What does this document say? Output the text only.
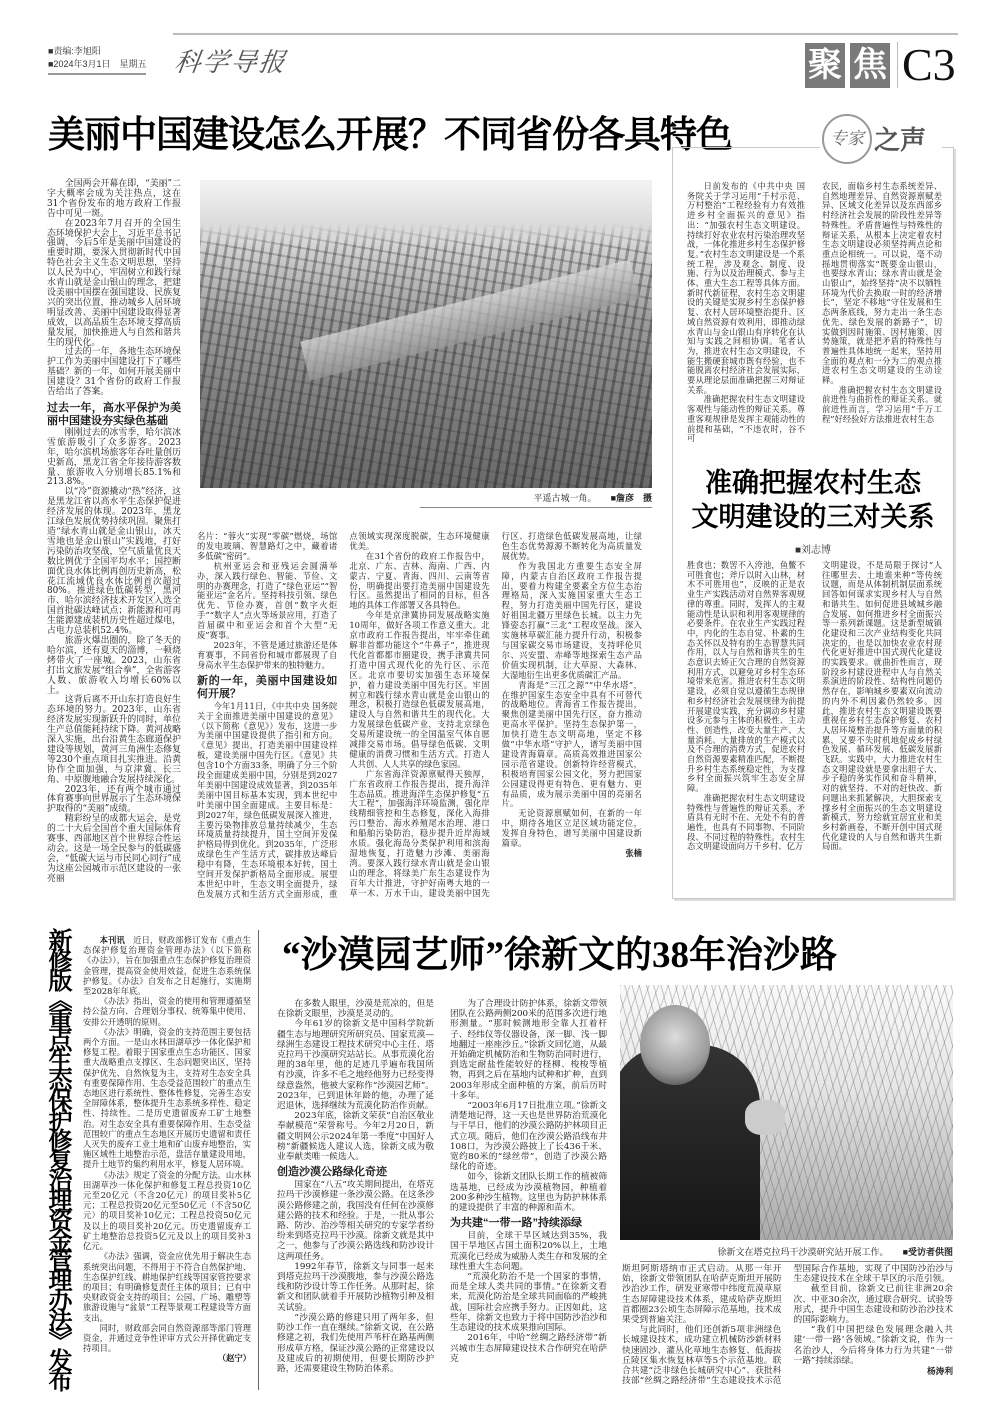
■责编:李旭阳
■2024年3月1日　星期五 科学导报	聚 焦 C3
美丽中国建设怎么开展？不同省份各具特色

全国两会开幕在即，“美丽”二字大概率会成为关注热点，这在31个省份发布的地方政府工作报告中可见一斑。

在2023年7月召开的全国生态环境保护大会上，习近平总书记强调，今后5年是美丽中国建设的重要时期，要深入贯彻新时代中国特色社会主义生态文明思想，坚持以人民为中心，牢固树立和践行绿水青山就是金山银山的理念，把建设美丽中国摆在强国建设、民族复兴的突出位置，推动城乡人居环境明显改善、美丽中国建设取得显著成效，以高品质生态环境支撑高质量发展，加快推进人与自然和谐共生的现代化。

过去的一年，各地生态环境保护工作为美丽中国建设打下了哪些基础？新的一年，如何开展美丽中国建设？31个省份的政府工作报告给出了答案。

过去一年，高水平保护为美丽中国建设夯实绿色基础

刚刚过去的冰雪季，哈尔滨冰雪旅游吸引了众多游客。2023年，哈尔滨机场旅客年吞吐量创历史新高，黑龙江省全年接待游客数量、旅游收入分别增长85.1%和213.8%。

以“冷”资源撬动“热”经济，这是黑龙江省以高水平生态保护促进经济发展的体现。2023年，黑龙江绿色发展优势持续巩固。聚焦打造“绿水青山就是金山银山，冰天雪地也是金山银山”实践地，打好污染防治攻坚战，空气质量优良天数比例优于全国平均水平；国控断面优良水体比例再创历史新高，松花江流域优良水体比例首次超过80%。推进绿色低碳转型，黑河市、哈尔滨经济技术开发区入选全国首批碳达峰试点；新能源和可再生能源建成装机历史性超过煤电，占电力总装机52.4%。

旅游火爆出圈的，除了冬天的哈尔滨，还有夏天的淄博，一顿烧烤带火了一座城。2023，山东省打出文旅发展“组合拳”，全省游客人数、旅游收入均增长60%以上。

这背后离不开山东打造良好生态环境的努力。2023年，山东省经济发展实现新跃升的同时，单位生产总值能耗持续下降。黄河战略深入实施，出台沿黄生态廊道保护建设等规划，黄河三角洲生态修复等230个重点项目扎实推进。沿黄协作全面加强，与京津冀、长三角、中原腹地融合发展持续深化。

2023年，还有两个城市通过体育赛事向世界展示了生态环境保护取得的“美丽”成绩。

精彩纷呈的成都大运会，是党的二十大后全国首个重大国际体育赛事、西部地区首个世界综合性运动会。这是一场全民参与的低碳盛会，“低碳大运与市民同心同行”成为这座公园城市示范区建设的一张亮丽

平遥古城一角。 ■詹彦　摄

名片：“蓉火”实现“零碳”燃烧，场馆的发电玻璃、智慧路灯之中，藏着诸多低碳“密码”。

杭州亚运会和亚残运会圆满举办，深入践行绿色、智能、节俭、文明的办赛理念，打造了“绿色亚运”“智能亚运”金名片。坚持科技引领、绿色优先、节俭办赛，首创“数字火炬手”“数字人”点火等场景应用，打造了首届碳中和亚运会和首个大型“无废”赛事。

2023年，不管是通过旅游还是体育赛事，不同省份和城市都展现了自身高水平生态保护带来的独特魅力。

新的一年，美丽中国建设如何开展？

今年1月11日，《中共中央 国务院关于全面推进美丽中国建设的意见》（以下简称《意见》）发布，这进一步为美丽中国建设提供了指引和方向。《意见》提出，打造美丽中国建设样板，建设美丽中国先行区。《意见》共包含10个方面33条，明确了分三个阶段全面建成美丽中国，分别是到2027年美丽中国建设成效显著，到2035年美丽中国目标基本实现，到本世纪中叶美丽中国全面建成。主要目标是：到2027年，绿色低碳发展深入推进，主要污染物排放总量持续减少，生态环境质量持续提升，国土空间开发保护格局得到优化。到2035年，广泛形成绿色生产生活方式，碳排放达峰后稳中有降，生态环境根本好转，国土空间开发保护新格局全面形成。展望本世纪中叶，生态文明全面提升，绿色发展方式和生活方式全面形成，重点领域实现深度脱碳，生态环境健康优美。

在31个省份的政府工作报告中，北京、广东、吉林、海南、广西、内蒙古、宁夏、青海、四川、云南等省份，明确提出要打造美丽中国建设先行区。虽然提出了相同的目标，但各地的具体工作部署又各具特色。

今年是京津冀协同发展战略实施10周年，做好各项工作意义重大。北京市政府工作报告提出，牢牢牵住疏解非首都功能这个“牛鼻子”，推进现代化首都都市圈建设，携手津冀共同打造中国式现代化的先行区、示范区。北京市要切实加强生态环境保护，着力建设美丽中国先行区。牢固树立和践行绿水青山就是金山银山的理念，积极打造绿色低碳发展高地，建设人与自然和谐共生的现代化。大力发展绿色低碳产业，支持北京绿色交易所建设统一的全国温室气体自愿减排交易市场。倡导绿色低碳、文明健康的消费习惯和生活方式。打造人人共创、人人共享的绿色家园。

广东省海洋资源禀赋得天独厚，广东省政府工作报告提出，提升海洋生态品质。推进海洋生态保护修复“五大工程”，加强海洋环境监测，强化岸线精细管控和生态修复，深化入海排污口整治、海水养殖尾水治理、港口和船舶污染防治，稳步提升近岸海域水质。强化海岛分类保护利用和滨海湿地恢复，打造魅力沙滩、美丽海湾。要深入践行绿水青山就是金山银山的理念，将绿美广东生态建设作为百年大计推进，守护好南粤大地的一草一木、万水千山，建设美丽中国先行区、打造绿色低碳发展高地，让绿色生态优势源源不断转化为高质量发展优势。

作为我国北方重要生态安全屏障，内蒙古自治区政府工作报告提出，要着力构建全要素全方位生态治理格局，深入实施国家重大生态工程，努力打造美丽中国先行区，建设好祖国北疆万里绿色长城。以主力先锋姿态打赢“三北”工程攻坚战。深入实施林草碳汇能力提升行动，积极参与国家碳交易市场建设，支持呼伦贝尔、兴安盟、赤峰等地探索生态产品价值实现机制，让大草原、大森林、大湿地衍生出更多优质碳汇产品。

青海是“三江之源”“中华水塔”，在维护国家生态安全中具有不可替代的战略地位。青海省工作报告提出，聚焦创建美丽中国先行区，奋力推动更高水平保护。坚持生态保护第一，加快打造生态文明高地，坚定不移做“中华水塔”守护人，谱写美丽中国建设青海篇章。高质高效推进国家公园示范省建设。创新特许经营模式，积极培育国家公园文化，努力把国家公园建设得更有特色、更有魅力、更有品质，成为展示美丽中国的亮丽名片。

无论资源禀赋如何，在新的一年中，期待各地区立足区域功能定位，发挥自身特色，谱写美丽中国建设新篇章。

张楠

专家 之声

日前发布的《中共中央 国务院关于学习运用“千村示范、万村整治”工程经验有力有效推进乡村全面振兴的意见》指出：“加强农村生态文明建设。持续打好农业农村污染治理攻坚战，一体化推进乡村生态保护修复。”农村生态文明建设是一个系统工程，涉及观念、制度、设施、行为以及治理模式、参与主体、重大生态工程等具体方面。新时代新征程，农村生态文明建设的关键是实现乡村生态保护修复、农村人居环境整治提升、区域自然资源有效利用，即推动绿水青山与金山银山有序转化在认知与实践之间相协调。笔者认为，推进农村生态文明建设，不能生搬硬套城市既有经验，也不能脱离农村经济社会发展实际，要从理论层面准确把握三对辩证关系。

准确把握农村生态文明建设客观性与能动性的辩证关系。尊重客观规律是发挥主观能动性的前提和基础，“不违农时，谷不可

农民，面临乡村生态系统差异、自然地理差异、自然资源禀赋差异、区域文化差异以及东西部乡村经济社会发展的阶段性差异等特殊性。矛盾普遍性与特殊性的辩证关系，从根本上决定着农村生态文明建设必须坚持两点论和重点论相统一。可以说，毫不动摇地贯彻落实“既要金山银山，也要绿水青山；绿水青山就是金山银山”，始终坚持“决不以牺牲环境为代价去换取一时的经济增长”，坚定不移地“守住发展和生态两条底线，努力走出一条生态优先、绿色发展的新路子”，切实做到因时施策、因村施策、因势施策，就是把矛盾的特殊性与普遍性具体地统一起来，坚持用全面的观点和一分为二的观点推进农村生态文明建设的生动诠释。

准确把握农村生态文明建设前进性与曲折性的辩证关系。就前进性而言，学习运用“千万工程”好经验好方法推进农村生态

胜食也；数罟不入洿池，鱼鳖不可胜食也；斧斤以时入山林，材木不可胜用也”，反映的正是农业生产实践活动对自然界客观规律的尊重。同时，发挥人的主观能动性是认识和利用客观规律的必要条件。在农业生产实践过程中，内化的生态自觉、朴素的生态关怀以及特有的生态智慧共同作用，以人与自然和谐共生的生态意识去矫正欠合理的自然资源利用方式，以避免对乡村生态环境带来危害。推进农村生态文明建设，必须自觉以遵循生态规律和乡村经济社会发展规律为前提开展建设实践，充分调动乡村建设多元参与主体的积极性、主动性、创造性，改变大量生产、大量消耗、大量排放的生产模式以及不合理的消费方式，促进农村自然资源要素精准匹配，不断提升乡村生态系统稳定性，为支撑乡村全面振兴筑牢生态安全屏障。

准确把握农村生态文明建设特殊性与普遍性的辩证关系。矛盾具有无时不在、无处不有的普遍性，也具有不同事物、不同阶段、不同过程的特殊性。农村生态文明建设面向万千乡村、亿万

文明建设，不是局限于探讨“人往哪里去、土地谁来种”等传统议题，而是从体制机制层面系统回答如何谋求实现乡村人与自然和谐共生、如何促进县域城乡融合发展、如何推进乡村全面振兴等一系列新课题。这是新型城镇化建设和三次产业结构变化共同决定的，也是以加快农业农村现代化更好推进中国式现代化建设的实践要求。就曲折性而言，现阶段乡村建设进程中人与自然关系演进的阶段性、结构性问题仍然存在，影响城乡要素双向流动的内外不利因素仍然较多。因此，推进农村生态文明建设既要重视在乡村生态保护修复、农村人居环境整治提升等方面量的积累，又要不失时机地促成乡村绿色发展、循环发展、低碳发展新飞跃。实践中，大力推进农村生态文明建设就是要拿出胆子大、步子稳的务实作风和奋斗精神，对的就坚持、不对的赶快改、新问题出来抓紧解决，大胆探索支撑乡村全面振兴的生态文明建设新模式，努力绘就宜居宜业和美乡村新画卷，不断开创中国式现代化建设的人与自然和谐共生新局面。

准确把握农村生态
文明建设的三对关系
■刘志博
新修版《重点生态保护修复治理资金管理办法》发布	本刊讯 近日，财政部修订发布《重点生态保护修复治理资金管理办法》（以下简称《办法》），旨在加强重点生态保护修复治理资金管理，提高资金使用效益，促进生态系统保护修复。《办法》自发布之日起施行，实施期至2028年年底。

《办法》指出，资金的使用和管理遵循坚持公益方向、合理划分事权、统筹集中使用、安排公开透明的原则。

《办法》明确，资金的支持范围主要包括两个方面。一是山水林田湖草沙一体化保护和修复工程。着眼于国家重点生态功能区、国家重大战略重点支撑区、生态问题突出区，坚持保护优先、自然恢复为主，支持对生态安全具有重要保障作用、生态受益范围较广的重点生态地区进行系统性、整体性修复，完善生态安全屏障体系，整体提升生态系统多样性、稳定性、持续性。二是历史遗留废弃工矿土地整治。对生态安全具有重要保障作用、生态受益范围较广的重点生态地区开展历史遗留和责任人灭失的废弃工业土地和矿山废弃地整治，实施区域性土地整治示范，盘活存量建设用地，提升土地节约集约利用水平，修复人居环境。

《办法》规定了资金的分配方法。山水林田湖草沙一体化保护和修复工程总投资10亿元至20亿元（不含20亿元）的项目奖补5亿元；工程总投资20亿元至50亿元（不含50亿元）的项目奖补10亿元；工程总投资50亿元及以上的项目奖补20亿元。历史遗留废弃工矿土地整治总投资5亿元及以上的项目奖补3亿元。

《办法》强调，资金应优先用于解决生态系统突出问题，不得用于不符合自然保护地、生态保护红线、耕地保护红线等国家管控要求的项目；有明确修复责任主体的项目；已有中央财政资金支持的项目；公园、广场、雕塑等旅游设施与“盆景”工程等景观工程建设等方面支出。

同时，财政部会同自然资源部等部门管理资金，并通过竞争性评审方式公开择优确定支持项目。

（赵宁）

“沙漠园艺师”徐新文的38年治沙路

在多数人眼里，沙漠是荒凉的，但是在徐新文眼里，沙漠是灵动的。

今年61岁的徐新文是中国科学院新疆生态与地理研究所研究员、国家荒漠—绿洲生态建设工程技术研究中心主任、塔克拉玛干沙漠研究站站长。从事荒漠化治理的38年里，他的足迹几乎遍布我国所有沙漠，许多不毛之地经他努力已经变得绿意盎然，他被大家称作“沙漠园艺师”。2023年，已到退休年龄的他，办理了延迟退休，选择继续为荒漠化防治作贡献。

2023年底，徐新文荣获“自治区敬业奉献模范”荣誉称号。今年2月20日，新疆文明网公示2024年第一季度“中国好人榜”新疆候选人建议人选，徐新文成为敬业奉献类唯一候选人。

创造沙漠公路绿化奇迹

国家在“八五”攻关期间提出，在塔克拉玛干沙漠修建一条沙漠公路。在这条沙漠公路修建之前，我国没有任何在沙漠修建公路的技术和经验。于是，一批从事公路、防沙、治沙等相关研究的专家学者纷纷来到塔克拉玛干沙漠。徐新文就是其中之一，他参与了沙漠公路选线和防沙设计这两项任务。

1992年春节，徐新文与同事一起来到塔克拉玛干沙漠腹地，参与沙漠公路选线和防沙设计等工作任务。从那时起，徐新文和团队就着手开展防沙植物引种及相关试验。

“沙漠公路的修建只用了两年多，但防沙工作一直在继续。”徐新文说，在公路修建之初，我们先使用芦苇杆在路基两侧形成草方格，保证沙漠公路的正常建设以及建成后的初期使用，但要长期防沙护路，还需要建设生物防治体系。

为了合理设计防护体系，徐新文带领团队在公路两侧200米的范围多次进行地形测量。“那时候测地形全靠人扛着杆子、经纬仪等仪器设备，深一脚、浅一脚地翻过一座座沙丘。”徐新文回忆道，从最开始确定机械防治和生物防治同时进行，到选定耐盐性能较好的柽柳、梭梭等植物，再到之后在基地内试种和扩种，直到2003年形成全面种植的方案，前后历时十多年。

“2003年6月17日批准立项。”徐新文清楚地记得，这一天也是世界防治荒漠化与干旱日，他们的沙漠公路防护林项目正式立项。随后，他们在沙漠公路沿线布井108口，为沙漠公路披上了长436千米、宽约80米的“绿丝带”，创造了沙漠公路绿化的奇迹。

如今，徐新文团队长期工作的植被筛选基地，已经成为沙漠植物园，种植着200多种沙生植物。这里也为防护林体系的建设提供了丰富的种源和苗木。

为共建“一带一路”持续添绿

目前，全球干旱区域达到35%，我国干旱地区占国土面积20%以上，土地荒漠化已经成为威胁人类生存和发展的全球性重大生态问题。

“荒漠化防治不是一个国家的事情，而是全球人类共同的事情。”在徐新文看来，荒漠化防治是全球共同面临的严峻挑战，国际社会应携手努力。正因如此，这些年，徐新文也致力于将中国防沙治沙和生态建设的技术成果推向国际。

2016年，中哈“丝绸之路经济带”新兴城市生态屏障建设技术合作研究在哈萨克

徐新文在塔克拉玛干沙漠研究站开展工作。 ■受访者供图

斯坦阿斯塔纳市正式启动。从那一年开始，徐新文带领团队在哈萨克斯坦开展防沙治沙工作，研发亚寒带中纬度荒漠草原生态屏障建设技术体系，建成哈萨克斯坦首都圈23公顷生态屏障示范基地，技术成果受到普遍关注。

与此同时，他们还创新5项非洲绿色长城建设技术，成功建立机械防沙新材料快速固沙、灌丛化草地生态修复、低海拔丘陵区集水恢复林草等5个示范基地。联合共建“泛非绿色长城研究中心”、获批科技部“丝绸之路经济带”生态建设技术示范型国际合作基地，实现了中国防沙治沙与生态建设技术在全球干旱区的示范引领。

截至目前，徐新文已前往非洲20余次、中亚30余次，通过联合研究、试验等形式，提升中国生态建设和防沙治沙技术的国际影响力。

“我们中国把绿色发展理念融入共建‘一带一路’各领域。”徐新文说，作为一名治沙人，今后将身体力行为共建“一带一路”持续添绿。

杨涛利
